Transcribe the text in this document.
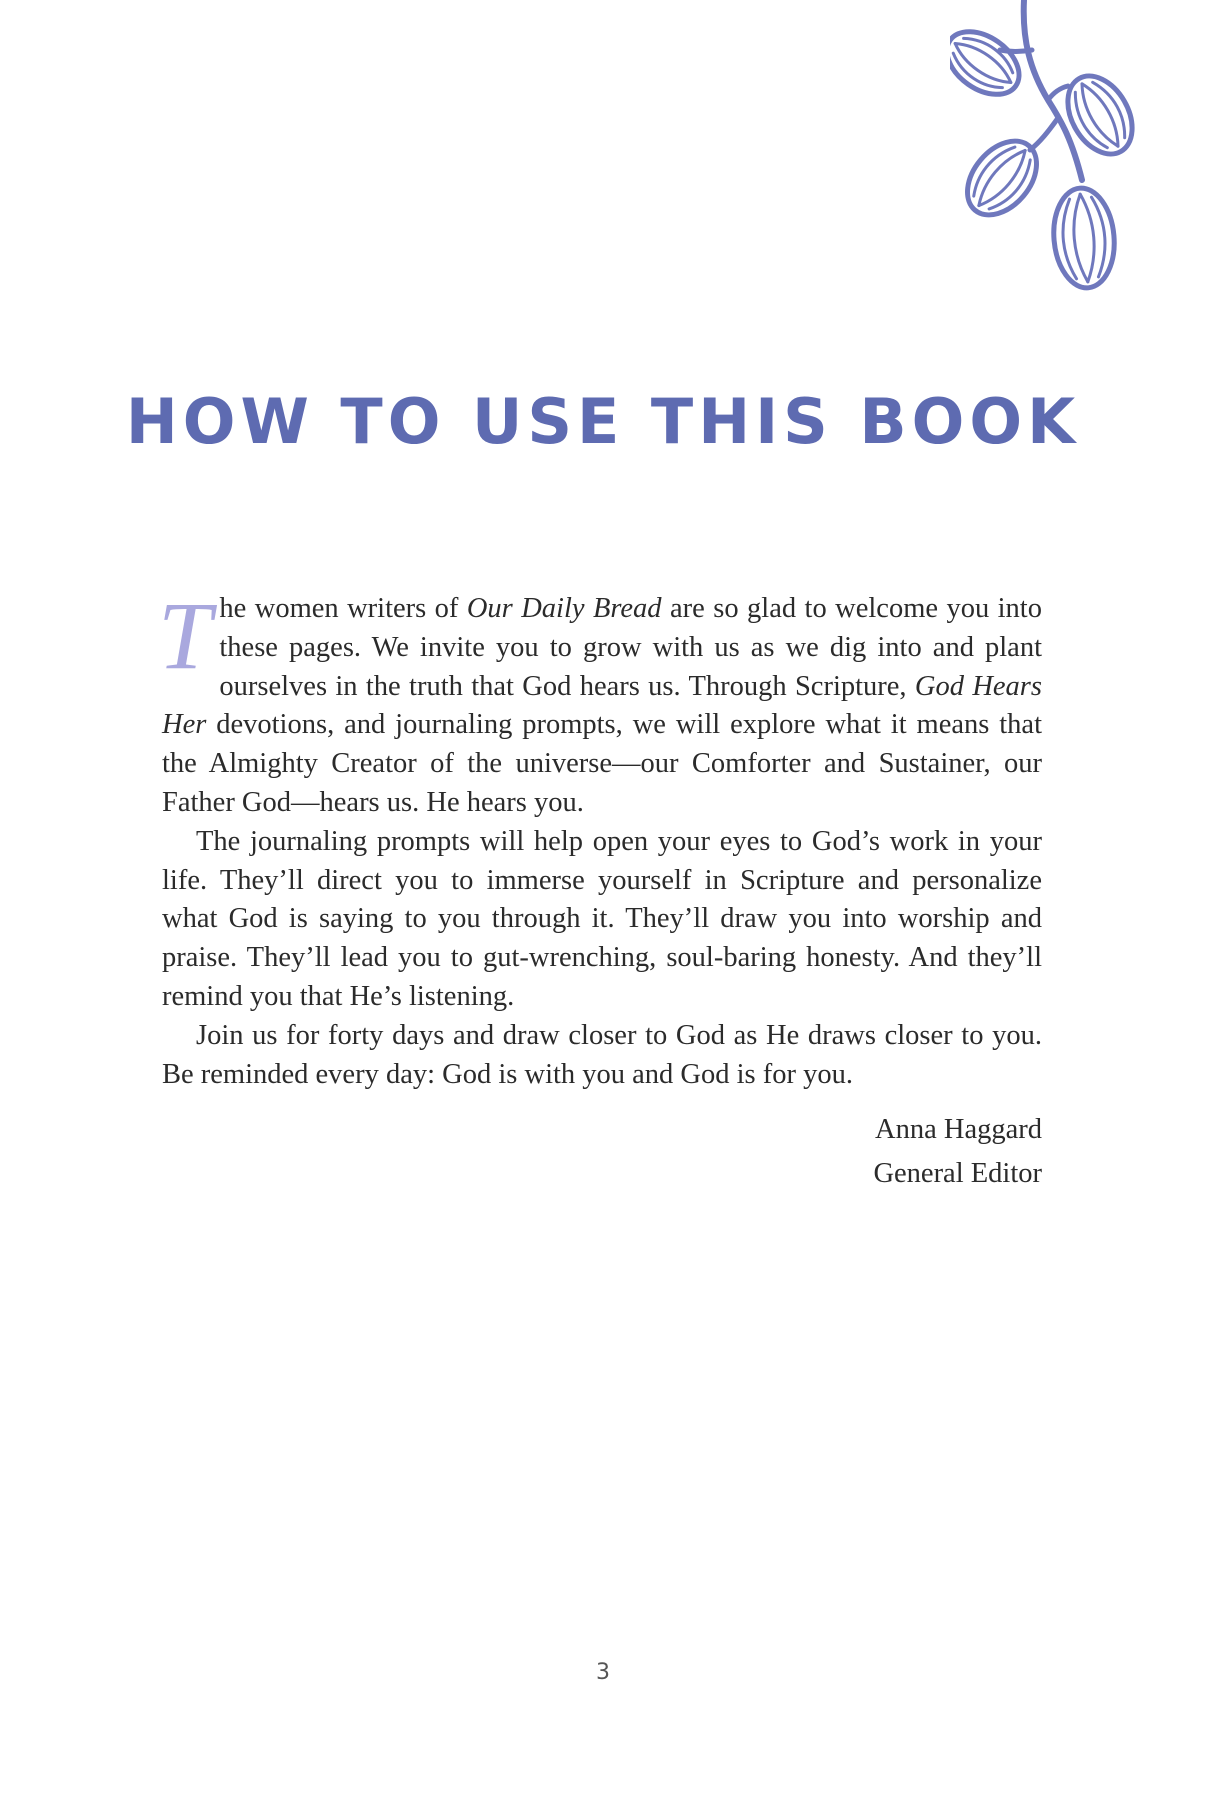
HOW TO USE THIS BOOK

The women writers of Our Daily Bread are so glad to welcome you into these pages. We invite you to grow with us as we dig into and plant ourselves in the truth that God hears us. Through Scripture, God Hears Her devotions, and journaling prompts, we will explore what it means that the Almighty Creator of the universe—our Comforter and Sustainer, our Father God—hears us. He hears you.

The journaling prompts will help open your eyes to God’s work in your life. They’ll direct you to immerse yourself in Scripture and personalize what God is saying to you through it. They’ll draw you into worship and praise. They’ll lead you to gut-wrenching, soul-baring honesty. And they’ll remind you that He’s listening.

Join us for forty days and draw closer to God as He draws closer to you. Be reminded every day: God is with you and God is for you.

Anna Haggard
General Editor
3
